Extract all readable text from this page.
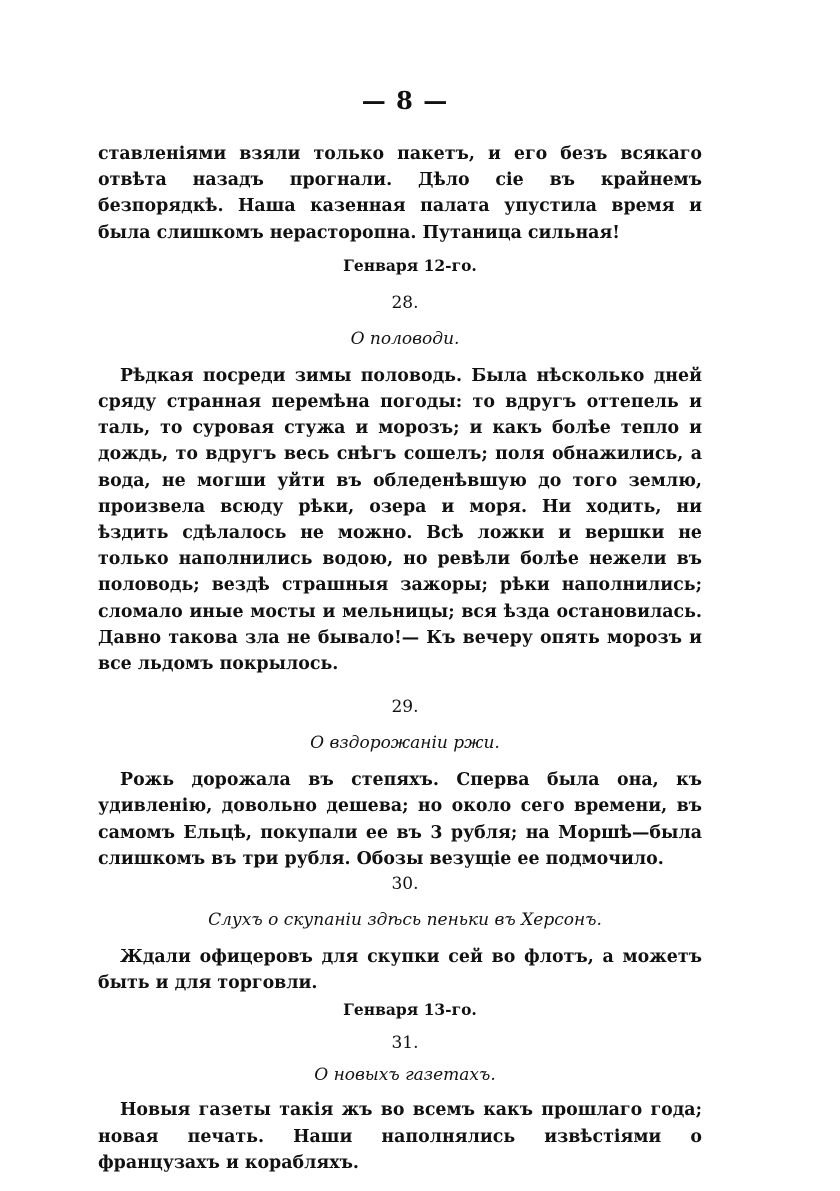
— 8 —

ставленіями взяли только пакетъ, и его безъ всякаго отвѣта назадъ прогнали. Дѣло сіе въ крайнемъ безпорядкѣ. Наша казенная палата упустила время и была слишкомъ нерасторопна. Путаница сильная!

Генваря 12-го.

28.

О половоди.

Рѣдкая посреди зимы половодь. Была нѣсколько дней сряду странная перемѣна погоды: то вдругъ оттепель и таль, то суровая стужа и морозъ; и какъ болѣе тепло и дождь, то вдругъ весь снѣгъ сошелъ; поля обнажились, а вода, не могши уйти въ обледенѣвшую до того землю, произвела всюду рѣки, озера и моря. Ни ходить, ни ѣздить сдѣлалось не можно. Всѣ ложки и вершки не только наполнились водою, но ревѣли болѣе нежели въ половодь; вездѣ страшныя зажоры; рѣки наполнились; сломало иные мосты и мельницы; вся ѣзда остановилась. Давно такова зла не бывало!— Къ вечеру опять морозъ и все льдомъ покрылось.

29.

О вздорожаніи ржи.

Рожь дорожала въ степяхъ. Сперва была она, къ удивленію, довольно дешева; но около сего времени, въ самомъ Ельцѣ, покупали ее въ 3 рубля; на Моршѣ—была слишкомъ въ три рубля. Обозы везущіе ее подмочило.

30.

Слухъ о скупаніи здѣсь пеньки въ Херсонъ.

Ждали офицеровъ для скупки сей во флотъ, а можетъ быть и для торговли.

Генваря 13-го.

31.

О новыхъ газетахъ.

Новыя газеты такія жъ во всемъ какъ прошлаго года; новая печать. Наши наполнялись извѣстіями о французахъ и корабляхъ.
